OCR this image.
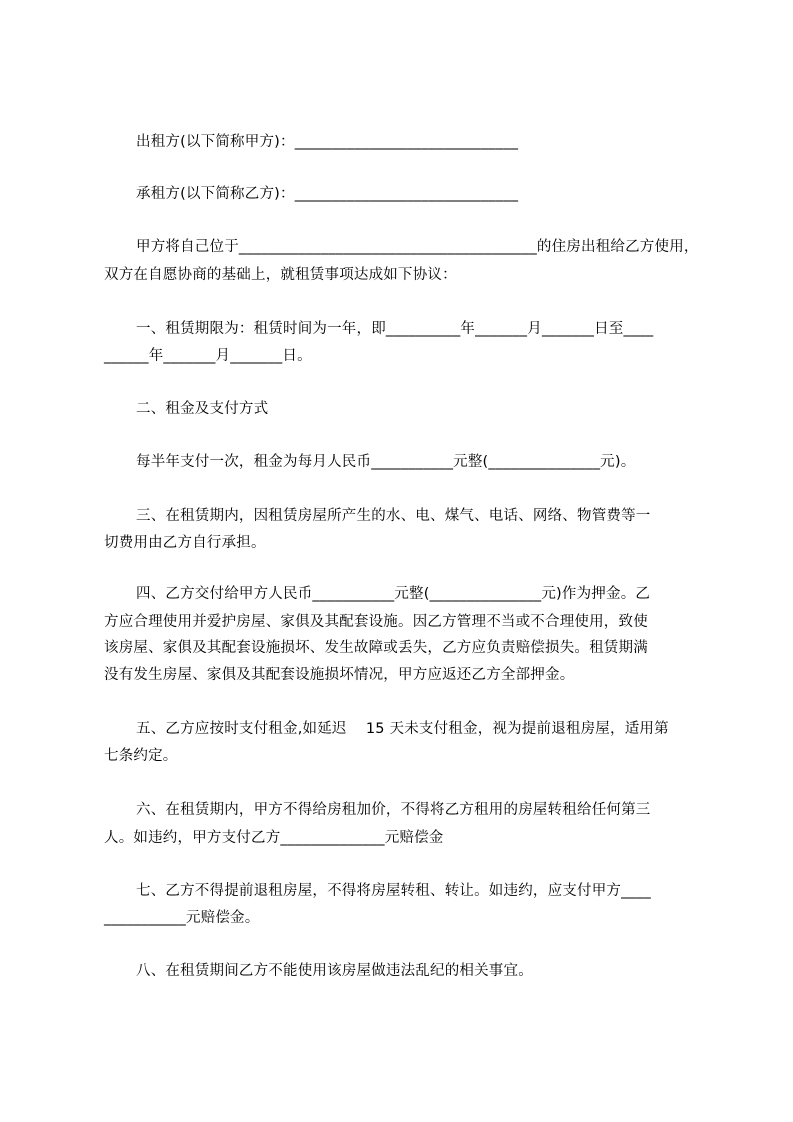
出租方(以下简称甲方)：______________________________
承租方(以下简称乙方)：______________________________
甲方将自己位于________________________________________的住房出租给乙方使用，
双方在自愿协商的基础上，就租赁事项达成如下协议：
一、租赁期限为：租赁时间为一年，即__________年_______月_______日至____
______年_______月_______日。
二、租金及支付方式
每半年支付一次，租金为每月人民币___________元整(_______________元)。
三、在租赁期内，因租赁房屋所产生的水、电、煤气、电话、网络、物管费等一
切费用由乙方自行承担。
四、乙方交付给甲方人民币___________元整(_______________元)作为押金。乙
方应合理使用并爱护房屋、家俱及其配套设施。因乙方管理不当或不合理使用，致使
该房屋、家俱及其配套设施损坏、发生故障或丢失，乙方应负责赔偿损失。租赁期满
没有发生房屋、家俱及其配套设施损坏情况，甲方应返还乙方全部押金。
五、乙方应按时支付租金,如延迟    15 天未支付租金，视为提前退租房屋，适用第
七条约定。
六、在租赁期内，甲方不得给房租加价，不得将乙方租用的房屋转租给任何第三
人。如违约，甲方支付乙方______________元赔偿金
七、乙方不得提前退租房屋，不得将房屋转租、转让。如违约，应支付甲方____
___________元赔偿金。
八、在租赁期间乙方不能使用该房屋做违法乱纪的相关事宜。
